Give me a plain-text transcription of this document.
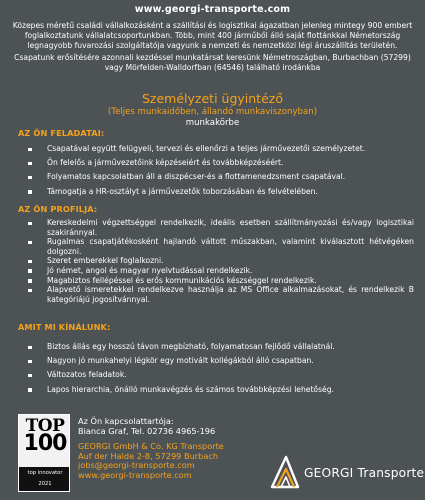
www.georgi-transporte.com

Közepes méretű családi vállalkozásként a szállítási és logisztikai ágazatban jelenleg mintegy 900 embert foglalkoztatunk vállalatcsoportunkban. Több, mint 400 járműből álló saját flottánkkal Németország legnagyobb fuvarozási szolgáltatója vagyunk a nemzeti és nemzetközi légi áruszállítás területén.

Csapatunk erősítésére azonnali kezdéssel munkatársat keresünk Németroszágban, Burbachban (57299) vagy Mörfelden-Walldorfban (64546) található irodánkba

Személyzeti ügyintéző
(Teljes munkaidőben, állandó munkaviszonyban)
munkakörbe
AZ ÖN FELADATAI:
Csapatával együtt felügyeli, tervezi és ellenőrzi a teljes járművezetői személyzetet.
Ön felelős a járművezetőink képzéseiért és továbbképzéséért.
Folyamatos kapcsolatban áll a diszpécser-és a flottamenedzsment csapatával.
Támogatja a HR-osztályt a járművezetők toborzásában és felvételében.
AZ ÖN PROFILJA:
Kereskedelmi végzettséggel rendelkezik, ideális esetben szállítmányozási és/vagy logisztikai szakiránnyal.
Rugalmas csapatjátékosként hajlandó váltott műszakban, valamint kiválasztott hétvégéken dolgozni.
Szeret emberekkel foglalkozni.
Jó német, angol és magyar nyelvtudással rendelkezik.
Magabiztos fellépéssel és erős kommunikációs készséggel rendelkezik.
Alapvető ismeretekkel rendelkezve használja az MS Office alkalmazásokat, és rendelkezik B kategóriájú jogosítvánnyal.
AMIT MI KÍNÁLUNK:
Biztos állás egy hosszú távon megbízható, folyamatosan fejlődő vállalatnál.
Nagyon jó munkahelyi légkör egy motivált kollégákból álló csapatban.
Változatos feladatok.
Lapos hierarchia, önálló munkavégzés és számos továbbképzési lehetőség.
TOP
100
top innovator
2021
Az Ön kapcsolattartója:
Bianca Graf, Tel. 02736 4965-196
GEORGI GmbH & Co. KG Transporte
Auf der Halde 2-8, 57299 Burbach
jobs@georgi-transporte.com
www.georgi-transporte.com	GEORGI Transporte
